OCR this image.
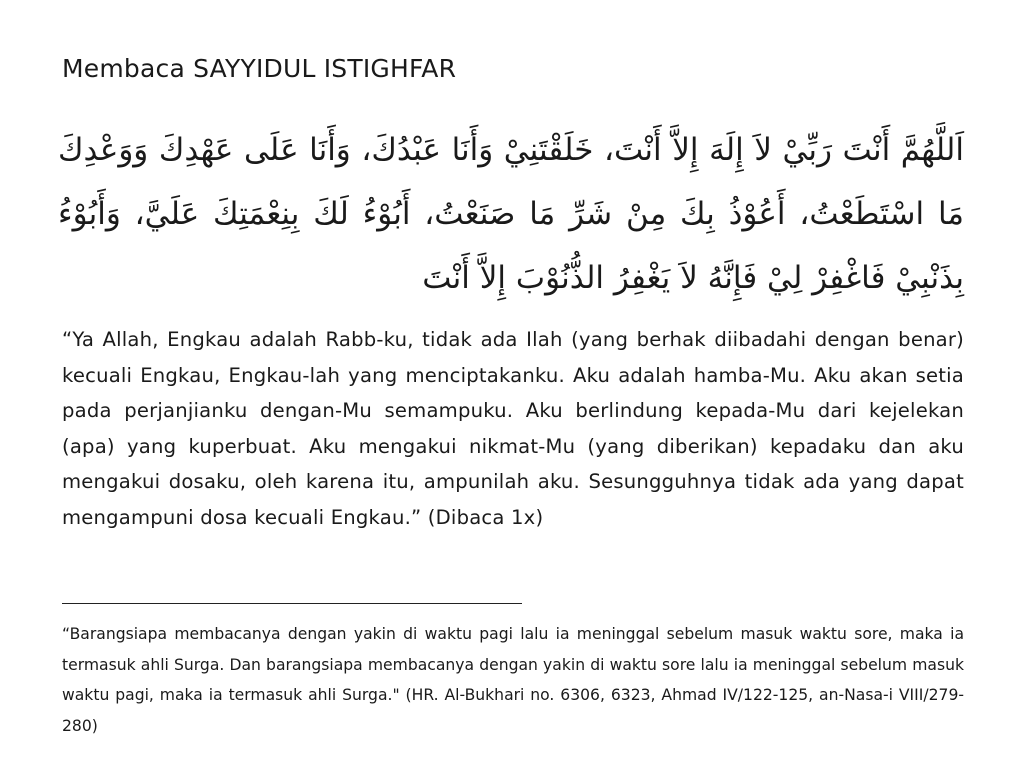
Membaca SAYYIDUL ISTIGHFAR
اَللَّهُمَّ أَنْتَ رَبِّيْ لاَ إِلَهَ إِلاَّ أَنْتَ، خَلَقْتَنِيْ وَأَنَا عَبْدُكَ، وَأَنَا عَلَى عَهْدِكَ وَوَعْدِكَ مَا اسْتَطَعْتُ، أَعُوْذُ بِكَ مِنْ شَرِّ مَا صَنَعْتُ، أَبُوْءُ لَكَ بِنِعْمَتِكَ عَلَيَّ، وَأَبُوْءُ بِذَنْبِيْ فَاغْفِرْ لِيْ فَإِنَّهُ لاَ يَغْفِرُ الذُّنُوْبَ إِلاَّ أَنْتَ
“Ya Allah, Engkau adalah Rabb-ku, tidak ada Ilah (yang berhak diibadahi dengan benar) kecuali Engkau, Engkau-lah yang menciptakanku. Aku adalah hamba-Mu. Aku akan setia pada perjanjianku dengan-Mu semampuku. Aku berlindung kepada-Mu dari kejelekan (apa) yang kuperbuat. Aku mengakui nikmat-Mu (yang diberikan) kepadaku dan aku mengakui dosaku, oleh karena itu, ampunilah aku. Sesungguhnya tidak ada yang dapat mengampuni dosa kecuali Engkau.” (Dibaca 1x)
“Barangsiapa membacanya dengan yakin di waktu pagi lalu ia meninggal sebelum masuk waktu sore, maka ia termasuk ahli Surga. Dan barangsiapa membacanya dengan yakin di waktu sore lalu ia meninggal sebelum masuk waktu pagi, maka ia termasuk ahli Surga." (HR. Al-Bukhari no. 6306, 6323, Ahmad IV/122-125, an-Nasa-i VIII/279-280)
